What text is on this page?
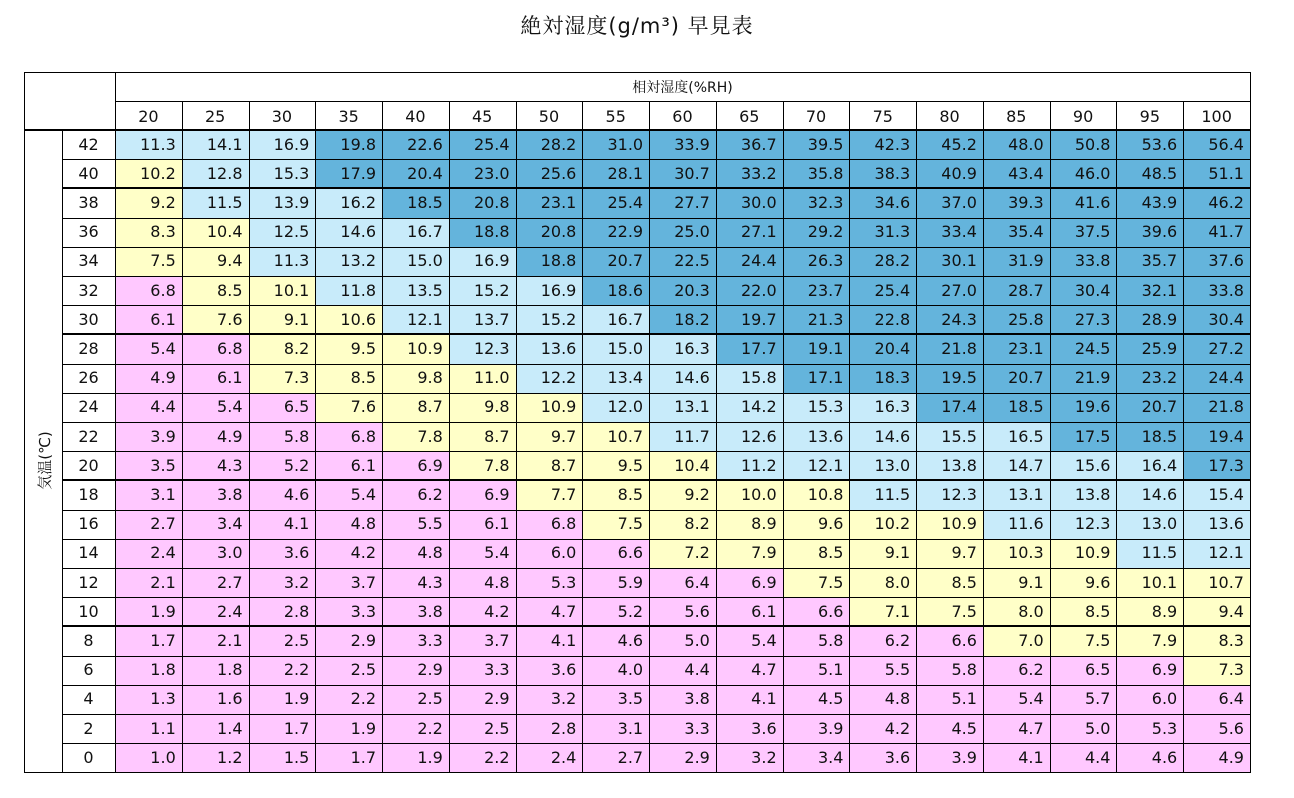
絶対湿度(g/m³) 早見表
相対湿度(%RH)
気温(℃)
20	25	30	35	40	45	50	55	60	65	70	75	80	85	90	95	100
42	11.3	14.1	16.9	19.8	22.6	25.4	28.2	31.0	33.9	36.7	39.5	42.3	45.2	48.0	50.8	53.6	56.4
40	10.2	12.8	15.3	17.9	20.4	23.0	25.6	28.1	30.7	33.2	35.8	38.3	40.9	43.4	46.0	48.5	51.1
38	9.2	11.5	13.9	16.2	18.5	20.8	23.1	25.4	27.7	30.0	32.3	34.6	37.0	39.3	41.6	43.9	46.2
36	8.3	10.4	12.5	14.6	16.7	18.8	20.8	22.9	25.0	27.1	29.2	31.3	33.4	35.4	37.5	39.6	41.7
34	7.5	9.4	11.3	13.2	15.0	16.9	18.8	20.7	22.5	24.4	26.3	28.2	30.1	31.9	33.8	35.7	37.6
32	6.8	8.5	10.1	11.8	13.5	15.2	16.9	18.6	20.3	22.0	23.7	25.4	27.0	28.7	30.4	32.1	33.8
30	6.1	7.6	9.1	10.6	12.1	13.7	15.2	16.7	18.2	19.7	21.3	22.8	24.3	25.8	27.3	28.9	30.4
28	5.4	6.8	8.2	9.5	10.9	12.3	13.6	15.0	16.3	17.7	19.1	20.4	21.8	23.1	24.5	25.9	27.2
26	4.9	6.1	7.3	8.5	9.8	11.0	12.2	13.4	14.6	15.8	17.1	18.3	19.5	20.7	21.9	23.2	24.4
24	4.4	5.4	6.5	7.6	8.7	9.8	10.9	12.0	13.1	14.2	15.3	16.3	17.4	18.5	19.6	20.7	21.8
22	3.9	4.9	5.8	6.8	7.8	8.7	9.7	10.7	11.7	12.6	13.6	14.6	15.5	16.5	17.5	18.5	19.4
20	3.5	4.3	5.2	6.1	6.9	7.8	8.7	9.5	10.4	11.2	12.1	13.0	13.8	14.7	15.6	16.4	17.3
18	3.1	3.8	4.6	5.4	6.2	6.9	7.7	8.5	9.2	10.0	10.8	11.5	12.3	13.1	13.8	14.6	15.4
16	2.7	3.4	4.1	4.8	5.5	6.1	6.8	7.5	8.2	8.9	9.6	10.2	10.9	11.6	12.3	13.0	13.6
14	2.4	3.0	3.6	4.2	4.8	5.4	6.0	6.6	7.2	7.9	8.5	9.1	9.7	10.3	10.9	11.5	12.1
12	2.1	2.7	3.2	3.7	4.3	4.8	5.3	5.9	6.4	6.9	7.5	8.0	8.5	9.1	9.6	10.1	10.7
10	1.9	2.4	2.8	3.3	3.8	4.2	4.7	5.2	5.6	6.1	6.6	7.1	7.5	8.0	8.5	8.9	9.4
8	1.7	2.1	2.5	2.9	3.3	3.7	4.1	4.6	5.0	5.4	5.8	6.2	6.6	7.0	7.5	7.9	8.3
6	1.8	1.8	2.2	2.5	2.9	3.3	3.6	4.0	4.4	4.7	5.1	5.5	5.8	6.2	6.5	6.9	7.3
4	1.3	1.6	1.9	2.2	2.5	2.9	3.2	3.5	3.8	4.1	4.5	4.8	5.1	5.4	5.7	6.0	6.4
2	1.1	1.4	1.7	1.9	2.2	2.5	2.8	3.1	3.3	3.6	3.9	4.2	4.5	4.7	5.0	5.3	5.6
0	1.0	1.2	1.5	1.7	1.9	2.2	2.4	2.7	2.9	3.2	3.4	3.6	3.9	4.1	4.4	4.6	4.9
